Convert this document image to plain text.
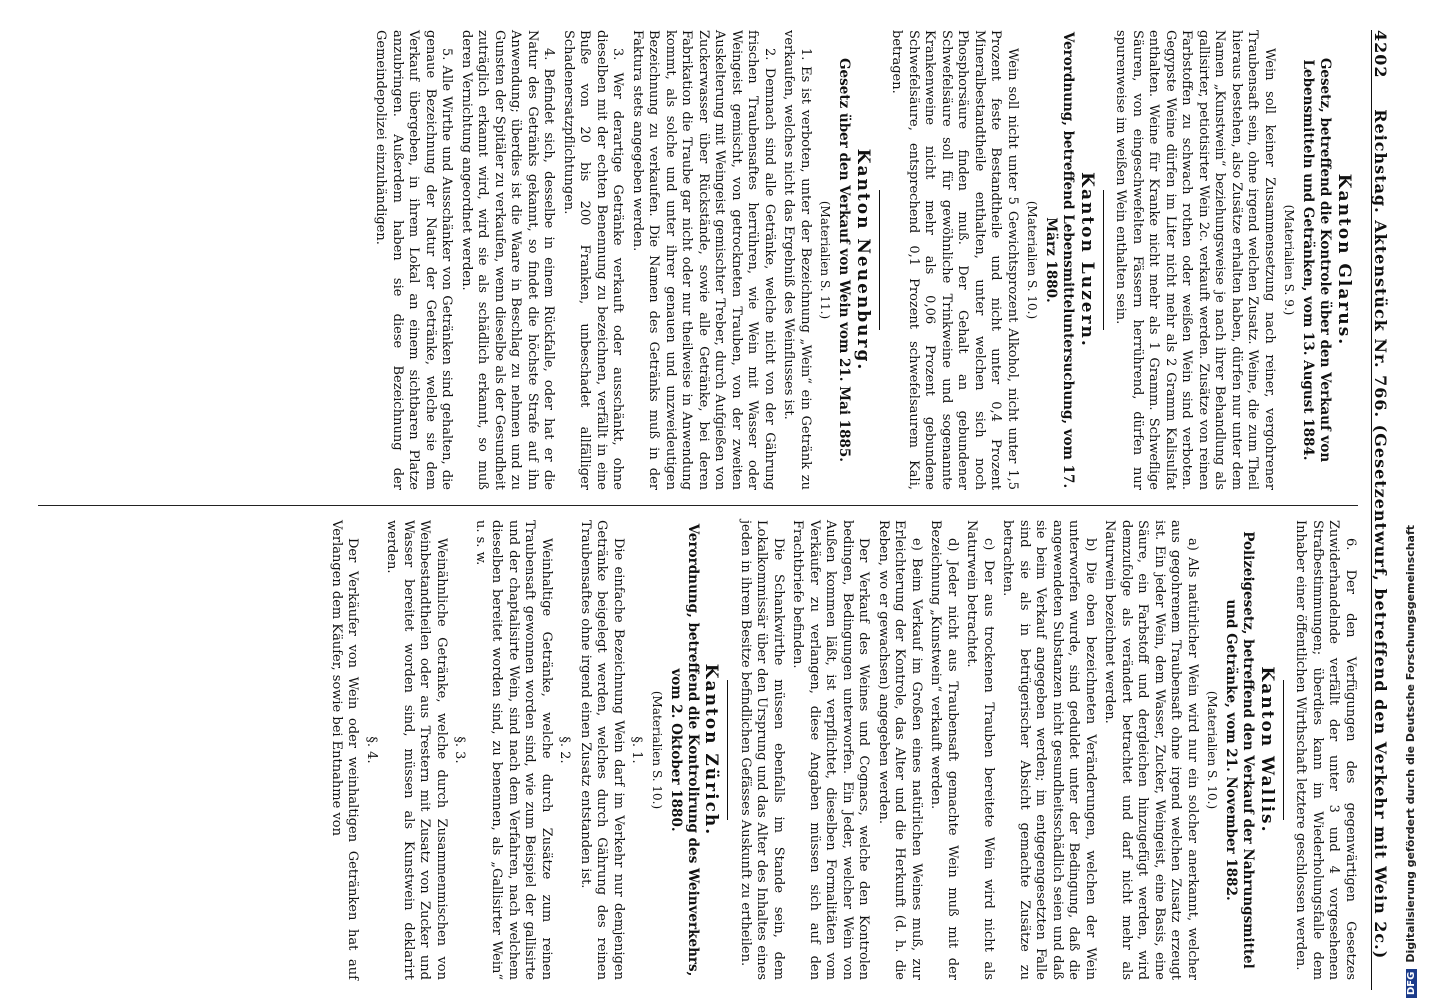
4202
Reichstag. Aktenstück Nr. 766. (Gesetzentwurf, betreffend den Verkehr mit Wein 2c.)
Kanton Glarus.
Gesetz, betreffend die Kontrole über den Verkauf von Lebensmitteln und Getränken, vom 13. August 1884.
(Materialien S. 9.)

Wein soll keiner Zusammensetzung nach reiner, vergohrener Traubensaft sein, ohne irgend welchen Zusatz. Weine, die zum Theil hieraus bestehen, also Zusätze erhalten haben, dürfen nur unter dem Namen „Kunstwein“ beziehungsweise je nach ihrer Behandlung als gallisirter, petiotisirter Wein 2c. verkauft werden. Zusätze von reinen Farbstoffen zu schwach rothen oder weißen Wein sind verboten. Gegypste Weine dürfen im Liter nicht mehr als 2 Gramm Kalisulfat enthalten. Weine für Kranke nicht mehr als 1 Gramm. Schweflige Säuren, von eingeschwefelten Fässern herrührend, dürfen nur spurenweise im weißen Wein enthalten sein.

Kanton Luzern.
Verordnung, betreffend Lebensmitteluntersuchung, vom 17. März 1880.
(Materialien S. 10.)

Wein soll nicht unter 5 Gewichtsprozent Alkohol, nicht unter 1,5 Prozent feste Bestandtheile und nicht unter 0,4 Prozent Mineralbestandtheile enthalten, unter welchen sich noch Phosphorsäure finden muß. Der Gehalt an gebundener Schwefelsäure soll für gewöhnliche Trinkweine und sogenannte Krankenweine nicht mehr als 0,06 Prozent gebundene Schwefelsäure, entsprechend 0,1 Prozent schwefelsaurem Kali, betragen.

Kanton Neuenburg.
Gesetz über den Verkauf von Wein vom 21. Mai 1885.
(Materialien S. 11.)

1. Es ist verboten, unter der Bezeichnung „Wein“ ein Getränk zu verkaufen, welches nicht das Ergebniß des Weinflusses ist.

2. Demnach sind alle Getränke, welche nicht von der Gährung frischen Traubensaftes herrühren, wie Wein mit Wasser oder Weingeist gemischt, von getrockneten Trauben, von der zweiten Auskelterung mit Weingeist gemischter Treber, durch Aufgießen von Zuckerwasser über Rückstände, sowie alle Getränke, bei deren Fabrikation die Traube gar nicht oder nur theilweise in Anwendung kommt, als solche und unter ihrer genauen und unzweideutigen Bezeichnung zu verkaufen. Die Namen des Getränks muß in der Faktura stets angegeben werden.

3. Wer derartige Getränke verkauft oder ausschänkt, ohne dieselben mit der echten Benennung zu bezeichnen, verfällt in eine Buße von 20 bis 200 Franken, unbeschadet allfälliger Schadenersatzpflichtungen.

4. Befindet sich, desselbe in einem Rückfalle, oder hat er die Natur des Getränks gekannt, so findet die höchste Strafe auf ihn Anwendung; überdies ist die Waare in Beschlag zu nehmen und zu Gunsten der Spitäler zu verkaufen, wenn dieselbe als der Gesundheit zuträglich erkannt wird, wird sie als schädlich erkannt, so muß deren Vernichtung angeordnet werden.

5. Alle Wirthe und Ausschänker von Getränken sind gehalten, die genaue Bezeichnung der Natur der Getränke, welche sie dem Verkauf übergeben, in ihrem Lokal an einem sichtbaren Platze anzubringen. Außerdem haben sie diese Bezeichnung der Gemeindepolizei einzuhändigen.

6. Der den Verfügungen des gegenwärtigen Gesetzes Zuwiderhandelnde verfällt der unter 3 und 4 vorgesehenen Strafbestimmungen; überdies kann im Wiederholungsfalle dem Inhaber einer öffentlichen Wirthschaft letztere geschlossen werden.

Kanton Wallis.
Polizeigesetz, betreffend den Verkauf der Nahrungsmittel und Getränke, vom 21. November 1882.
(Materialien S. 10.)

a) Als natürlicher Wein wird nur ein solcher anerkannt, welcher aus gegohrenem Traubensaft ohne irgend welchen Zusatz erzeugt ist. Ein jeder Wein, dem Wasser, Zucker, Weingeist, eine Basis, eine Säure, ein Farbstoff und dergleichen hinzugefügt werden, wird demzufolge als verändert betrachtet und darf nicht mehr als Naturwein bezeichnet werden.

b) Die oben bezeichneten Veränderungen, welchen der Wein unterworfen wurde, sind geduldet unter der Bedingung, daß die angewendeten Substanzen nicht gesundheitsschädlich seien und daß sie beim Verkauf angegeben werden; im entgegengesetzten Falle sind sie als in betrügerischer Absicht gemachte Zusätze zu betrachten.

c) Der aus trockenen Trauben bereitete Wein wird nicht als Naturwein betrachtet.

d) Jeder nicht aus Traubensaft gemachte Wein muß mit der Bezeichnung „Kunstwein“ verkauft werden.

e) Beim Verkauf im Großen eines natürlichen Weines muß, zur Erleichterung der Kontrole, das Alter und die Herkunft (d. h. die Reben, wo er gewachsen) angegeben werden.

Der Verkauf des Weines und Cognacs, welche den Kontrolen bedingen, Bedingungen unterworfen. Ein Jeder, welcher Wein von Außen kommen läßt, ist verpflichtet, dieselben Formalitäten vom Verkäufer zu verlangen, diese Angaben müssen sich auf den Frachtbriefe befinden.

Die Schankwirthe müssen ebenfalls im Stande sein, dem Lokalkommissär über den Ursprung und das Alter des Inhaltes eines jeden in ihrem Besitze befindlichen Gefässes Auskunft zu ertheilen.

Kanton Zürich.
Verordnung, betreffend die Kontrolirung des Weinverkehrs, vom 2. Oktober 1880.
(Materialien S. 10.)

§. 1.

Die einfache Bezeichnung Wein darf im Verkehr nur demjenigen Getränke beigelegt werden, welches durch Gährung des reinen Traubensaftes ohne irgend einen Zusatz entstanden ist.

§. 2.

Weinhaltige Getränke, welche durch Zusätze zum reinen Traubensaft gewonnen worden sind, wie zum Beispiel der gallisirte und der chaptalisirte Wein, sind nach dem Verfahren, nach welchem dieselben bereitet worden sind, zu benennen, als „Gallisirter Wein“ u. s. w.

§. 3.

Weinähnliche Getränke, welche durch Zusammenmischen von Weinbestandtheilen oder aus Trestern mit Zusatz von Zucker und Wasser bereitet worden sind, müssen als Kunstwein deklarirt werden.

§. 4.

Der Verkäufer von Wein oder weinhaltigen Getränken hat auf Verlangen dem Käufer, sowie bei Entnahme von

DFGDigitalisierung gefördert durch die Deutsche Forschungsgemeinschaft
